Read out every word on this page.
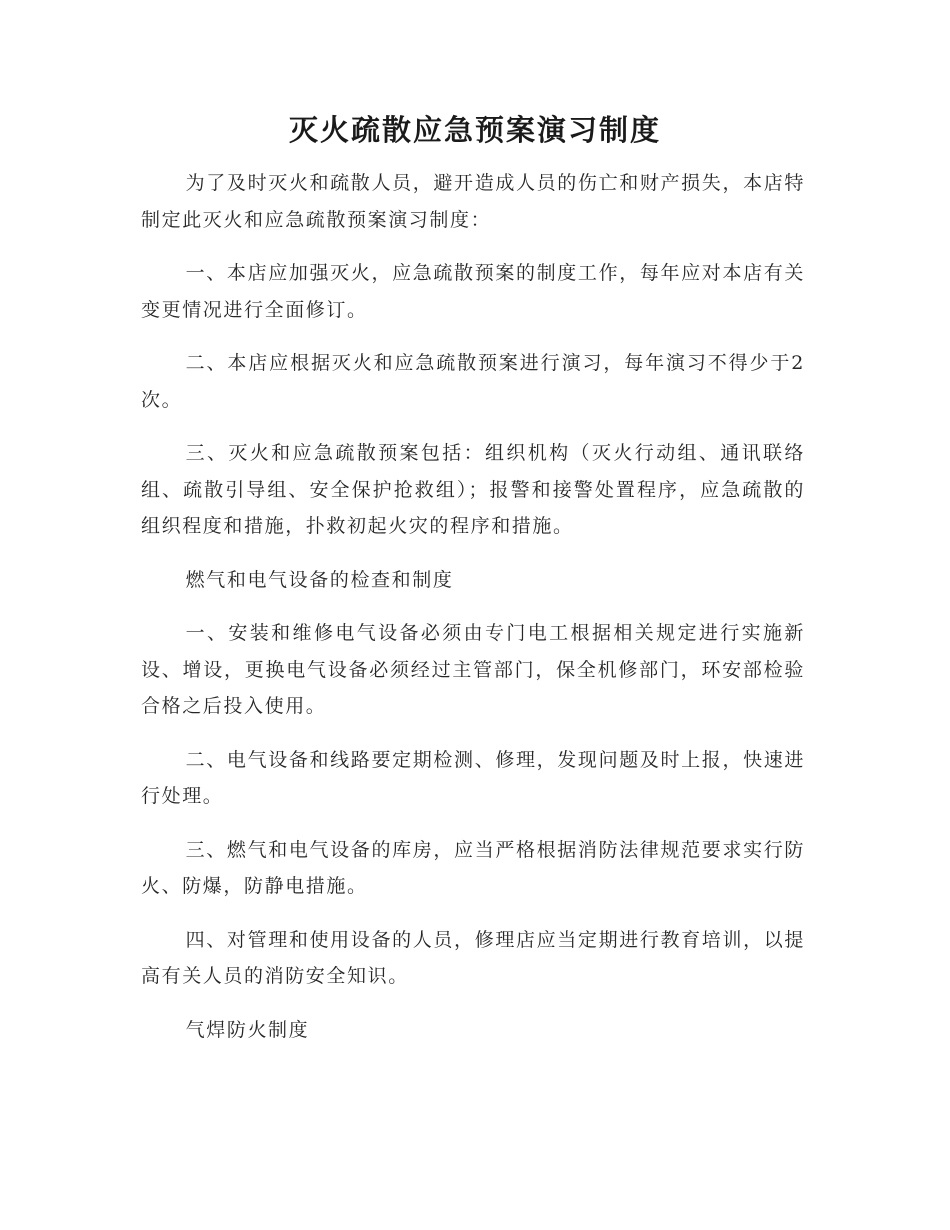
灭火疏散应急预案演习制度

为了及时灭火和疏散人员，避开造成人员的伤亡和财产损失，本店特制定此灭火和应急疏散预案演习制度：

一、本店应加强灭火，应急疏散预案的制度工作，每年应对本店有关变更情况进行全面修订。

二、本店应根据灭火和应急疏散预案进行演习，每年演习不得少于2次。

三、灭火和应急疏散预案包括：组织机构（灭火行动组、通讯联络组、疏散引导组、安全保护抢救组）；报警和接警处置程序，应急疏散的组织程度和措施，扑救初起火灾的程序和措施。

燃气和电气设备的检查和制度

一、安装和维修电气设备必须由专门电工根据相关规定进行实施新设、增设，更换电气设备必须经过主管部门，保全机修部门，环安部检验合格之后投入使用。

二、电气设备和线路要定期检测、修理，发现问题及时上报，快速进行处理。

三、燃气和电气设备的库房，应当严格根据消防法律规范要求实行防火、防爆，防静电措施。

四、对管理和使用设备的人员，修理店应当定期进行教育培训，以提高有关人员的消防安全知识。

气焊防火制度
